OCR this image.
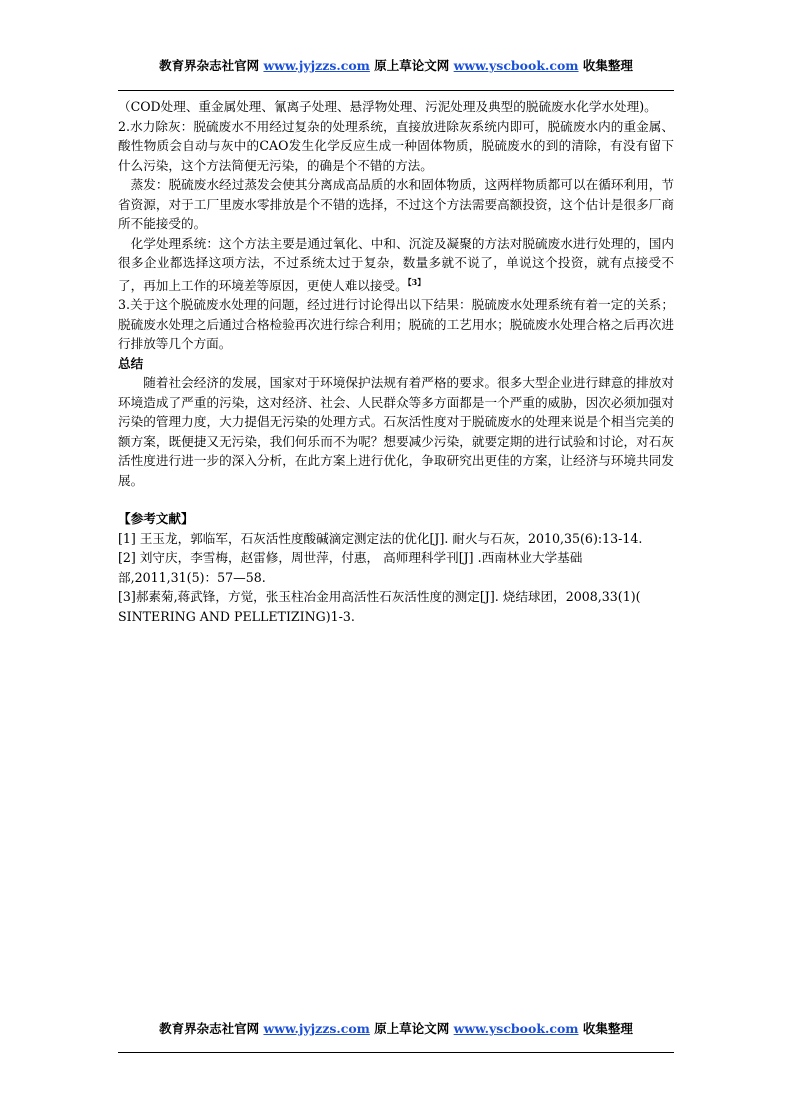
教育界杂志社官网 www.jyjzzs.com 原上草论文网 www.yscbook.com 收集整理

（COD处理、重金属处理、氰离子处理、悬浮物处理、污泥处理及典型的脱硫废水化学水处理)。

2.水力除灰：脱硫废水不用经过复杂的处理系统，直接放进除灰系统内即可，脱硫废水内的重金属、酸性物质会自动与灰中的CAO发生化学反应生成一种固体物质，脱硫废水的到的清除，有没有留下什么污染，这个方法简便无污染，的确是个不错的方法。

蒸发：脱硫废水经过蒸发会使其分离成高品质的水和固体物质，这两样物质都可以在循环利用，节省资源，对于工厂里废水零排放是个不错的选择，不过这个方法需要高额投资，这个估计是很多厂商所不能接受的。

化学处理系统：这个方法主要是通过氧化、中和、沉淀及凝聚的方法对脱硫废水进行处理的，国内很多企业都选择这项方法，不过系统太过于复杂，数量多就不说了，单说这个投资，就有点接受不了，再加上工作的环境差等原因，更使人难以接受。$^{【3】}$

3.关于这个脱硫废水处理的问题，经过进行讨论得出以下结果：脱硫废水处理系统有着一定的关系；脱硫废水处理之后通过合格检验再次进行综合利用；脱硫的工艺用水；脱硫废水处理合格之后再次进行排放等几个方面。

总结

随着社会经济的发展，国家对于环境保护法规有着严格的要求。很多大型企业进行肆意的排放对环境造成了严重的污染，这对经济、社会、人民群众等多方面都是一个严重的威胁，因次必须加强对污染的管理力度，大力提倡无污染的处理方式。石灰活性度对于脱硫废水的处理来说是个相当完美的额方案，既便捷又无污染，我们何乐而不为呢？想要减少污染，就要定期的进行试验和讨论，对石灰活性度进行进一步的深入分析，在此方案上进行优化，争取研究出更佳的方案，让经济与环境共同发展。

【参考文献】

[1] 王玉龙，郭临军，石灰活性度酸碱滴定测定法的优化[J]. 耐火与石灰，2010,35(6):13-14.

[2] 刘守庆，李雪梅，赵雷修，周世萍，付惠， 高师理科学刊[J] .西南林业大学基础部,2011,31(5)：57—58.

[3]郝素菊,蒋武锋，方觉，张玉柱冶金用高活性石灰活性度的测定[J]. 烧结球团，2008,33(1)( SINTERING AND PELLETIZING)1-3.

教育界杂志社官网 www.jyjzzs.com 原上草论文网 www.yscbook.com 收集整理
